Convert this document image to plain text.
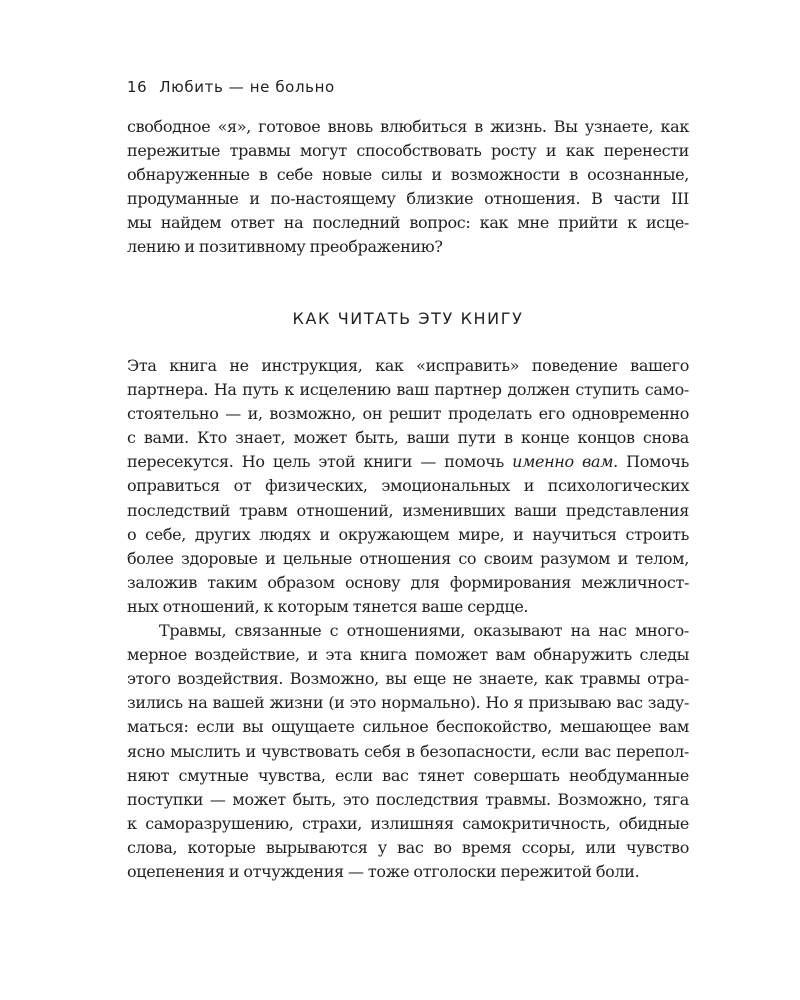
16 Любить — не больно
свободное «я», готовое вновь влюбиться в жизнь. Вы узнаете, как
пережитые травмы могут способствовать росту и как перенести
обнаруженные в себе новые силы и возможности в осознанные,
продуманные и по-настоящему близкие отношения. В части III
мы найдем ответ на последний вопрос: как мне прийти к исце-
лению и позитивному преображению?
КАК ЧИТАТЬ ЭТУ КНИГУ
Эта книга не инструкция, как «исправить» поведение вашего
партнера. На путь к исцелению ваш партнер должен ступить само-
стоятельно — и, возможно, он решит проделать его одновременно
с вами. Кто знает, может быть, ваши пути в конце концов снова
пересекутся. Но цель этой книги — помочь именно вам. Помочь
оправиться от физических, эмоциональных и психологических
последствий травм отношений, изменивших ваши представления
о себе, других людях и окружающем мире, и научиться строить
более здоровые и цельные отношения со своим разумом и телом,
заложив таким образом основу для формирования межличност-
ных отношений, к которым тянется ваше сердце.
Травмы, связанные с отношениями, оказывают на нас много-
мерное воздействие, и эта книга поможет вам обнаружить следы
этого воздействия. Возможно, вы еще не знаете, как травмы отра-
зились на вашей жизни (и это нормально). Но я призываю вас заду-
маться: если вы ощущаете сильное беспокойство, мешающее вам
ясно мыслить и чувствовать себя в безопасности, если вас перепол-
няют смутные чувства, если вас тянет совершать необдуманные
поступки — может быть, это последствия травмы. Возможно, тяга
к саморазрушению, страхи, излишняя самокритичность, обидные
слова, которые вырываются у вас во время ссоры, или чувство
оцепенения и отчуждения — тоже отголоски пережитой боли.
